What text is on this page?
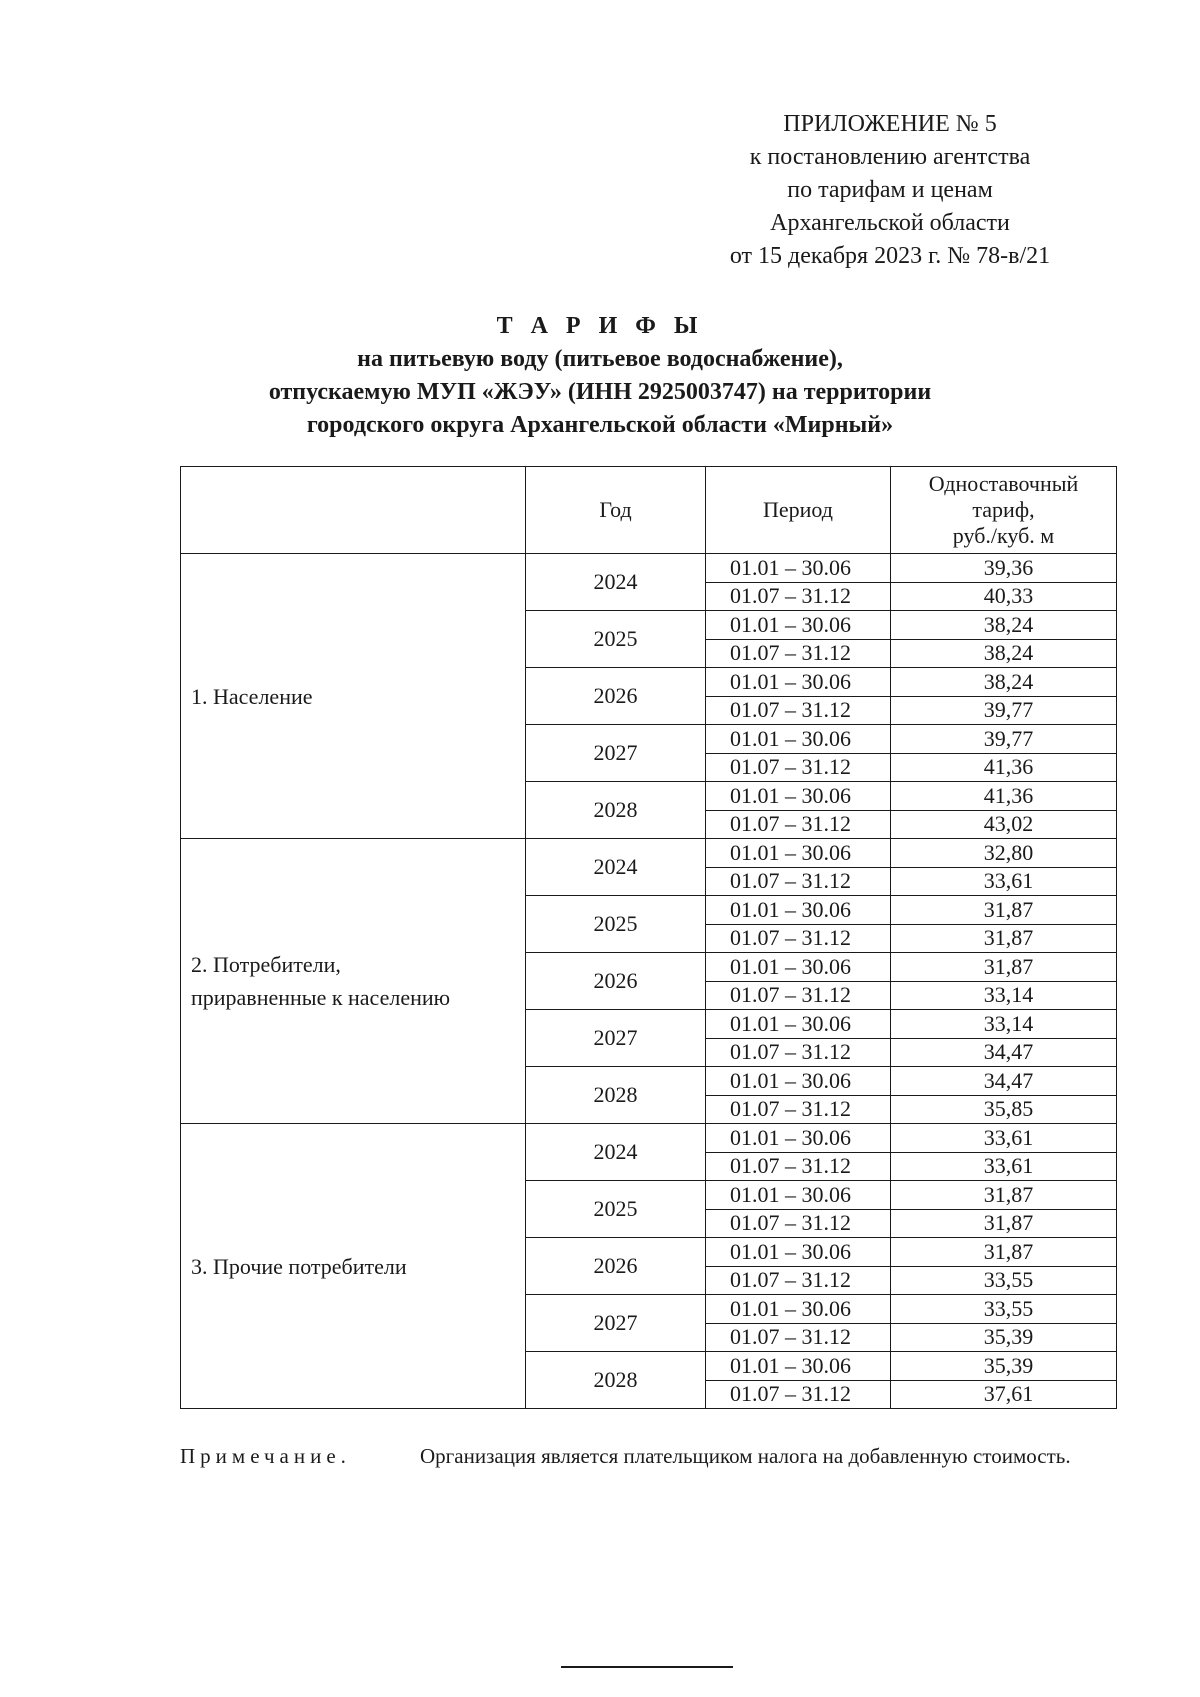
ПРИЛОЖЕНИЕ № 5
к постановлению агентства
по тарифам и ценам
Архангельской области
от 15 декабря 2023 г. № 78-в/21
Т А Р И Ф Ы
на питьевую воду (питьевое водоснабжение),
отпускаемую МУП «ЖЭУ» (ИНН 2925003747) на территории
городского округа Архангельской области «Мирный»
	Год	Период	Одноставочный
тариф,
руб./куб. м

1. Население	2024	01.01 – 30.06	39,36
		01.07 – 31.12	40,33
	2025	01.01 – 30.06	38,24
		01.07 – 31.12	38,24
	2026	01.01 – 30.06	38,24
		01.07 – 31.12	39,77
	2027	01.01 – 30.06	39,77
		01.07 – 31.12	41,36
	2028	01.01 – 30.06	41,36
		01.07 – 31.12	43,02

2. Потребители,
приравненные к населению	2024	01.01 – 30.06	32,80
		01.07 – 31.12	33,61
	2025	01.01 – 30.06	31,87
		01.07 – 31.12	31,87
	2026	01.01 – 30.06	31,87
		01.07 – 31.12	33,14
	2027	01.01 – 30.06	33,14
		01.07 – 31.12	34,47
	2028	01.01 – 30.06	34,47
		01.07 – 31.12	35,85

3. Прочие потребители	2024	01.01 – 30.06	33,61
		01.07 – 31.12	33,61
	2025	01.01 – 30.06	31,87
		01.07 – 31.12	31,87
	2026	01.01 – 30.06	31,87
		01.07 – 31.12	33,55
	2027	01.01 – 30.06	33,55
		01.07 – 31.12	35,39
	2028	01.01 – 30.06	35,39
		01.07 – 31.12	37,61
Примечание.	Организация является плательщиком налога на добавленную стоимость.
